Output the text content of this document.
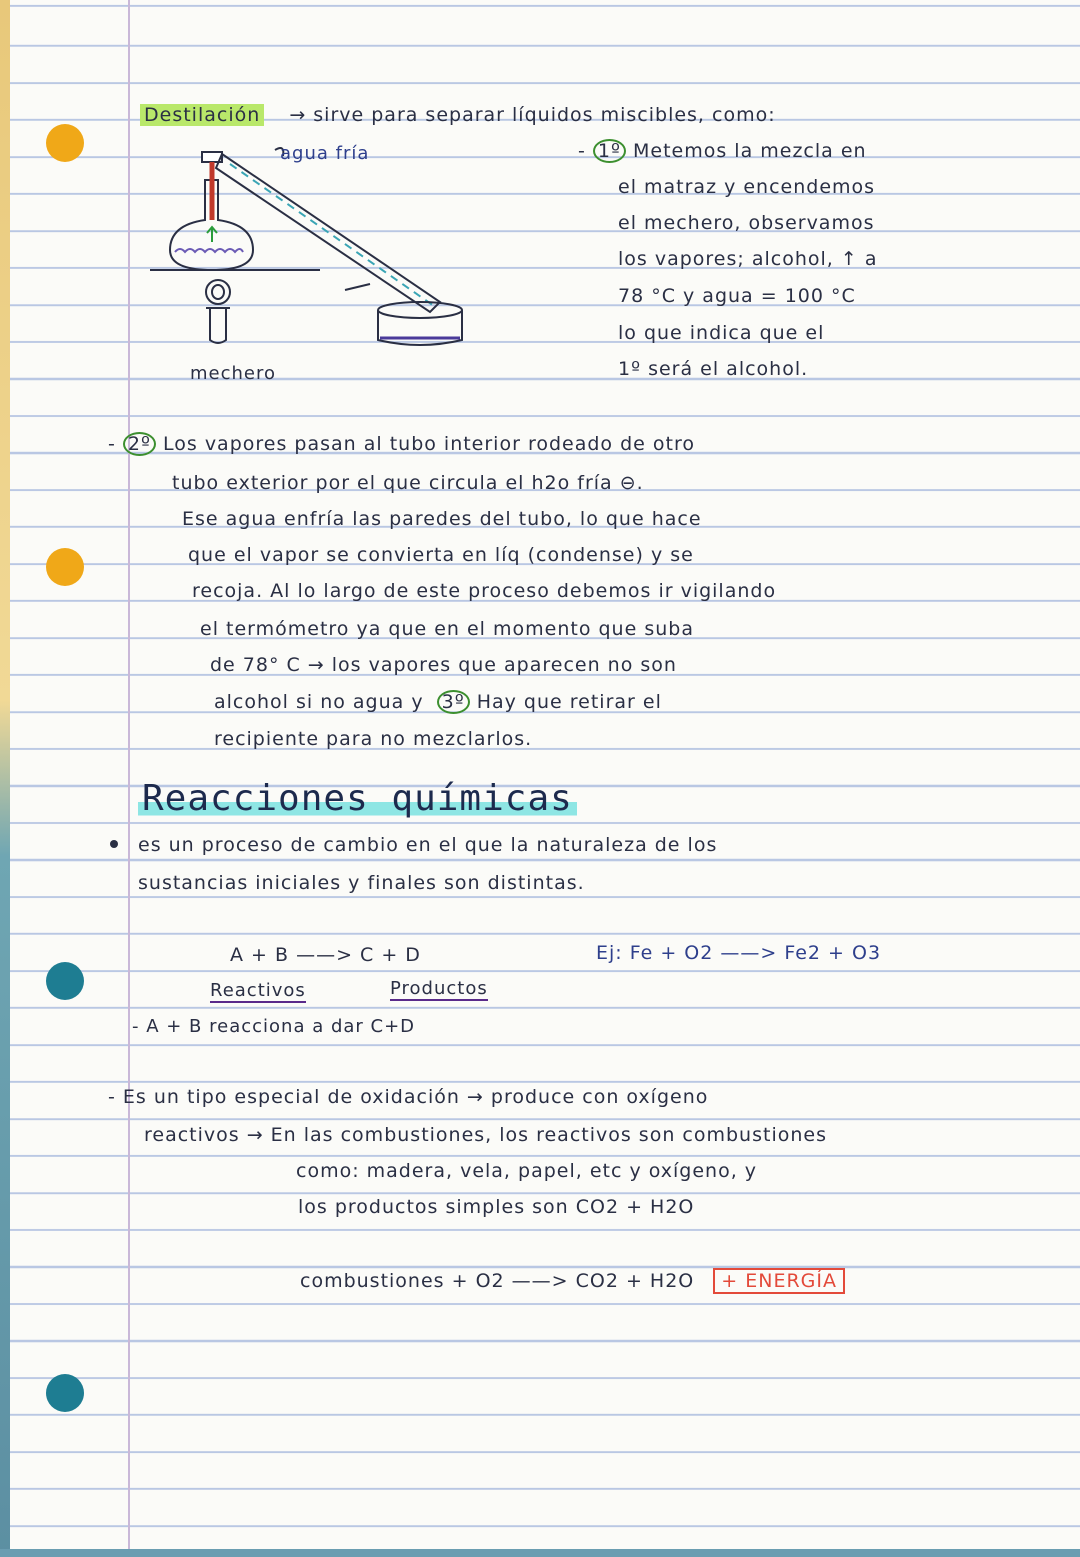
Destilación → sirve para separar líquidos miscibles, como:
agua fría
mechero
- 1º Metemos la mezcla en
el matraz y encendemos
el mechero, observamos
los vapores; alcohol, ↑ a
78 °C y agua = 100 °C
lo que indica que el
1º será el alcohol.
- 2º Los vapores pasan al tubo interior rodeado de otro
tubo exterior por el que circula el h2o fría ⊖.
Ese agua enfría las paredes del tubo, lo que hace
que el vapor se convierta en líq (condense) y se
recoja. Al lo largo de este proceso debemos ir vigilando
el termómetro ya que en el momento que suba
de 78° C → los vapores que aparecen no son
alcohol si no agua y 3º Hay que retirar el
recipiente para no mezclarlos.
Reacciones químicas
es un proceso de cambio en el que la naturaleza de los
sustancias iniciales y finales son distintas.
A + B ——> C + D	Ej: Fe + O2 ——> Fe2 + O3
Reactivos	Productos
- A + B reacciona a dar C+D
- Es un tipo especial de oxidación → produce con oxígeno
reactivos → En las combustiones, los reactivos son combustiones
como: madera, vela, papel, etc y oxígeno, y
los productos simples son CO2 + H2O
combustiones + O2 ——> CO2 + H2O + ENERGÍA
